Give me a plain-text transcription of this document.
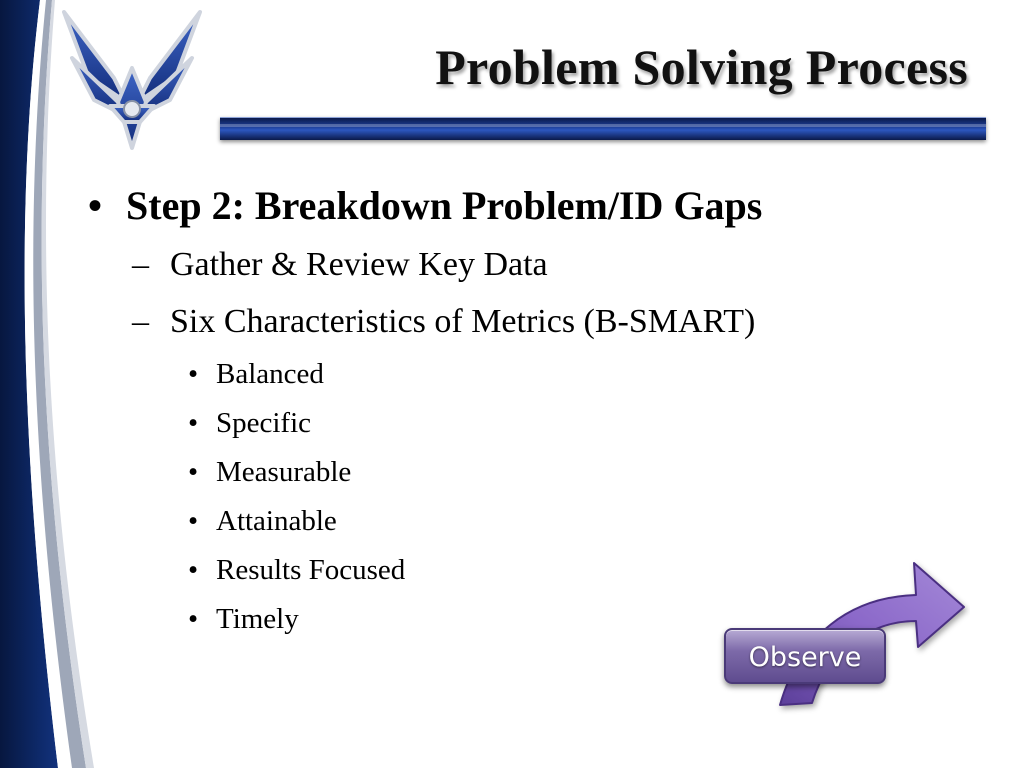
Problem Solving Process
• Step 2: Breakdown Problem/ID Gaps
– Gather & Review Key Data
– Six Characteristics of Metrics (B-SMART)
• Balanced
• Specific
• Measurable
• Attainable
• Results Focused
• Timely
Observe
